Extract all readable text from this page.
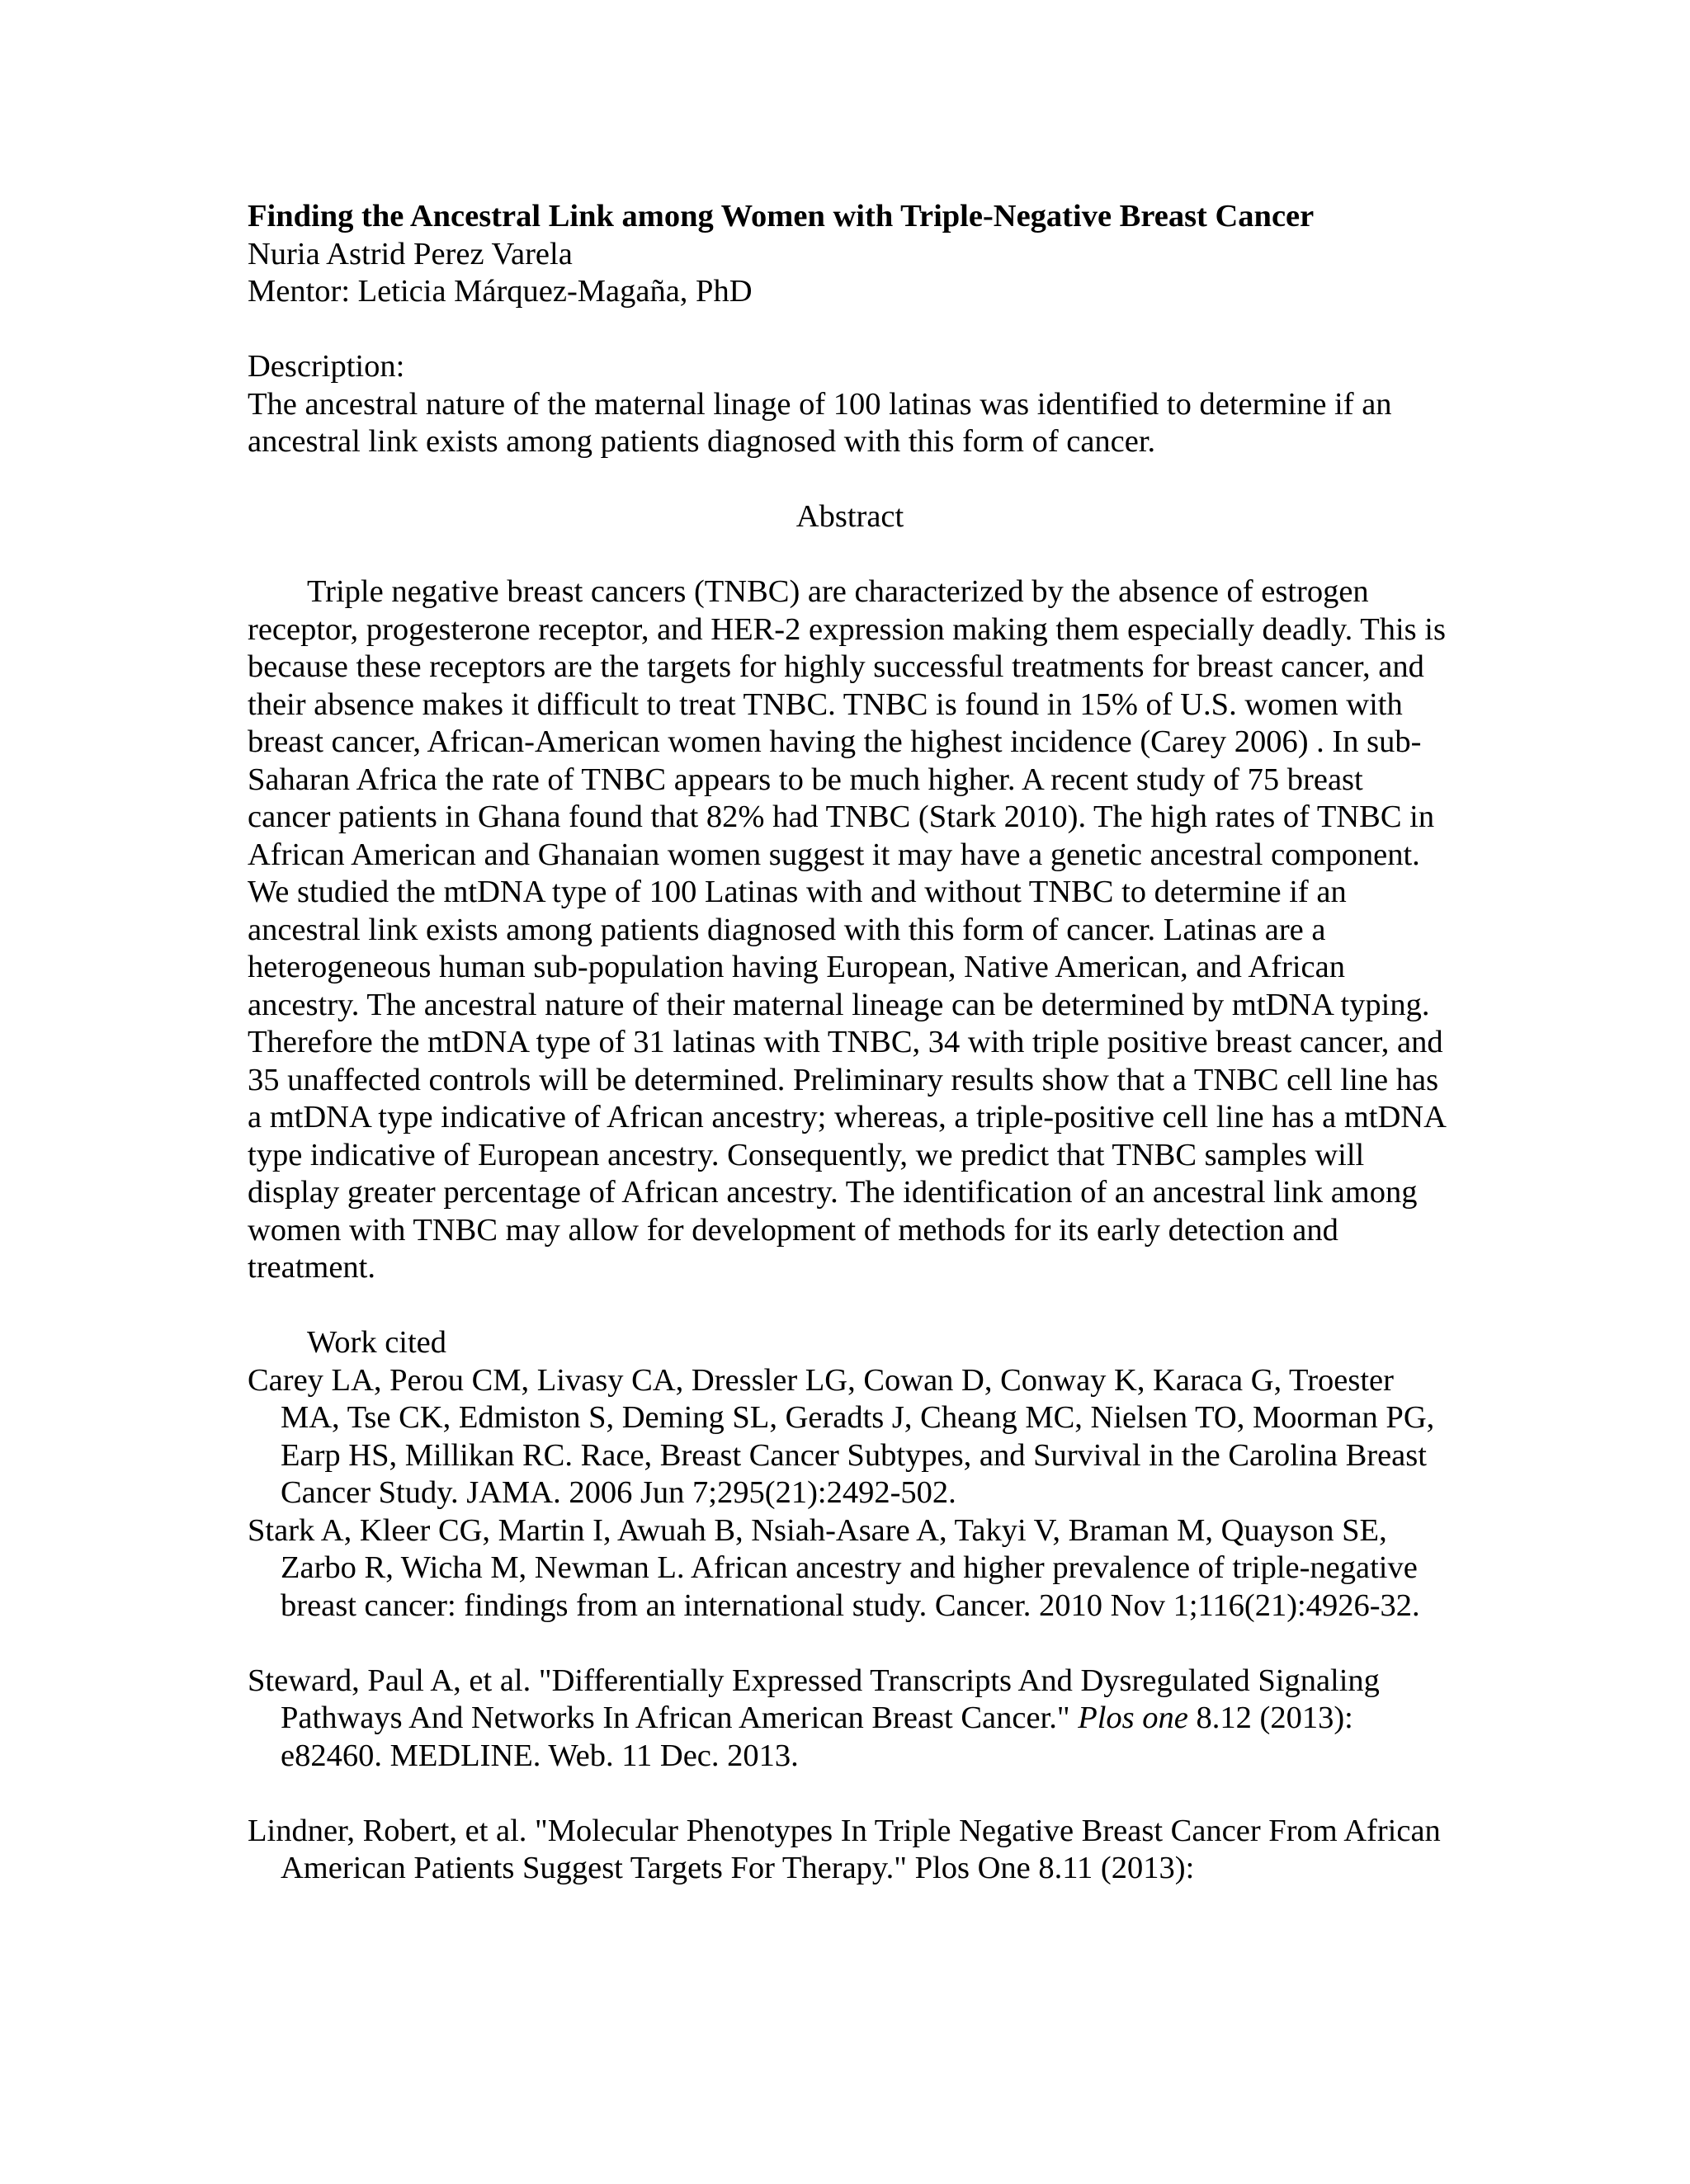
Finding the Ancestral Link among Women with Triple-Negative Breast Cancer

Nuria Astrid Perez Varela

Mentor: Leticia Márquez-Magaña, PhD

Description:

The ancestral nature of the maternal linage of 100 latinas was identified to determine if an ancestral link exists among patients diagnosed with this form of cancer.

Abstract

Triple negative breast cancers (TNBC) are characterized by the absence of estrogen receptor, progesterone receptor, and HER-2 expression making them especially deadly. This is because these receptors are the targets for highly successful treatments for breast cancer, and their absence makes it difficult to treat TNBC. TNBC is found in 15% of U.S. women with breast cancer, African-American women having the highest incidence (Carey 2006) . In sub-Saharan Africa the rate of TNBC appears to be much higher. A recent study of 75 breast cancer patients in Ghana found that 82% had TNBC (Stark 2010). The high rates of TNBC in African American and Ghanaian women suggest it may have a genetic ancestral component. We studied the mtDNA type of 100 Latinas with and without TNBC to determine if an ancestral link exists among patients diagnosed with this form of cancer. Latinas are a heterogeneous human sub-population having European, Native American, and African ancestry. The ancestral nature of their maternal lineage can be determined by mtDNA typing. Therefore the mtDNA type of 31 latinas with TNBC, 34 with triple positive breast cancer, and 35 unaffected controls will be determined. Preliminary results show that a TNBC cell line has a mtDNA type indicative of African ancestry; whereas, a triple-positive cell line has a mtDNA type indicative of European ancestry. Consequently, we predict that TNBC samples will display greater percentage of African ancestry. The identification of an ancestral link among women with TNBC may allow for development of methods for its early detection and treatment.

Work cited

Carey LA, Perou CM, Livasy CA, Dressler LG, Cowan D, Conway K, Karaca G, Troester MA, Tse CK, Edmiston S, Deming SL, Geradts J, Cheang MC, Nielsen TO, Moorman PG, Earp HS, Millikan RC. Race, Breast Cancer Subtypes, and Survival in the Carolina Breast Cancer Study. JAMA. 2006 Jun 7;295(21):2492-502.

Stark A, Kleer CG, Martin I, Awuah B, Nsiah-Asare A, Takyi V, Braman M, Quayson SE, Zarbo R, Wicha M, Newman L. African ancestry and higher prevalence of triple-negative breast cancer: findings from an international study. Cancer. 2010 Nov 1;116(21):4926-32.

Steward, Paul A, et al. "Differentially Expressed Transcripts And Dysregulated Signaling Pathways And Networks In African American Breast Cancer." Plos one 8.12 (2013): e82460. MEDLINE. Web. 11 Dec. 2013.

Lindner, Robert, et al. "Molecular Phenotypes In Triple Negative Breast Cancer From African American Patients Suggest Targets For Therapy." Plos One 8.11 (2013):
